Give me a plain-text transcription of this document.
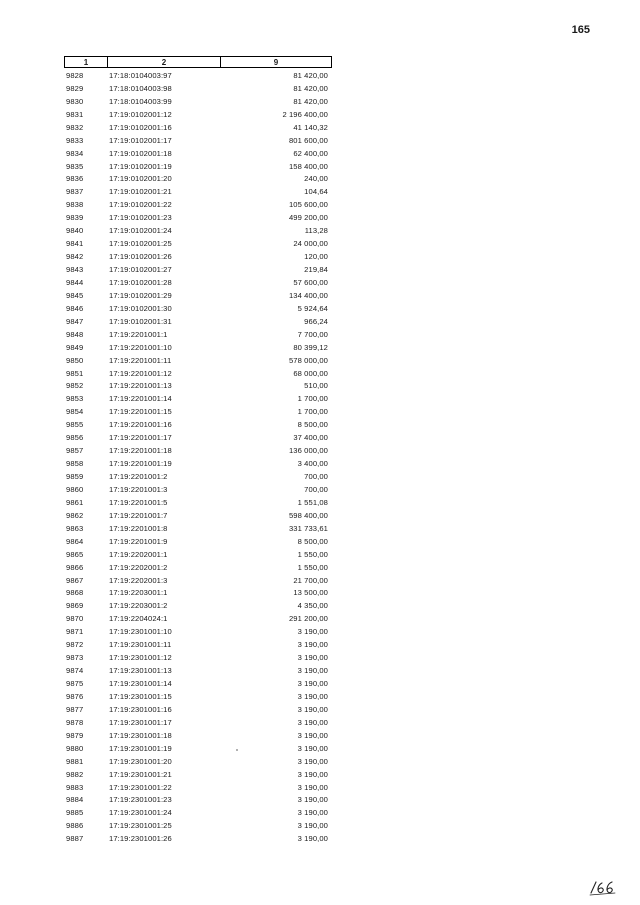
165
1	2	9
9828	17:18:0104003:97	81 420,00
9829	17:18:0104003:98	81 420,00
9830	17:18:0104003:99	81 420,00
9831	17:19:0102001:12	2 196 400,00
9832	17:19:0102001:16	41 140,32
9833	17:19:0102001:17	801 600,00
9834	17:19:0102001:18	62 400,00
9835	17:19:0102001:19	158 400,00
9836	17:19:0102001:20	240,00
9837	17:19:0102001:21	104,64
9838	17:19:0102001:22	105 600,00
9839	17:19:0102001:23	499 200,00
9840	17:19:0102001:24	113,28
9841	17:19:0102001:25	24 000,00
9842	17:19:0102001:26	120,00
9843	17:19:0102001:27	219,84
9844	17:19:0102001:28	57 600,00
9845	17:19:0102001:29	134 400,00
9846	17:19:0102001:30	5 924,64
9847	17:19:0102001:31	966,24
9848	17:19:2201001:1	7 700,00
9849	17:19:2201001:10	80 399,12
9850	17:19:2201001:11	578 000,00
9851	17:19:2201001:12	68 000,00
9852	17:19:2201001:13	510,00
9853	17:19:2201001:14	1 700,00
9854	17:19:2201001:15	1 700,00
9855	17:19:2201001:16	8 500,00
9856	17:19:2201001:17	37 400,00
9857	17:19:2201001:18	136 000,00
9858	17:19:2201001:19	3 400,00
9859	17:19:2201001:2	700,00
9860	17:19:2201001:3	700,00
9861	17:19:2201001:5	1 551,08
9862	17:19:2201001:7	598 400,00
9863	17:19:2201001:8	331 733,61
9864	17:19:2201001:9	8 500,00
9865	17:19:2202001:1	1 550,00
9866	17:19:2202001:2	1 550,00
9867	17:19:2202001:3	21 700,00
9868	17:19:2203001:1	13 500,00
9869	17:19:2203001:2	4 350,00
9870	17:19:2204024:1	291 200,00
9871	17:19:2301001:10	3 190,00
9872	17:19:2301001:11	3 190,00
9873	17:19:2301001:12	3 190,00
9874	17:19:2301001:13	3 190,00
9875	17:19:2301001:14	3 190,00
9876	17:19:2301001:15	3 190,00
9877	17:19:2301001:16	3 190,00
9878	17:19:2301001:17	3 190,00
9879	17:19:2301001:18	3 190,00
9880	17:19:2301001:19	3 190,00
9881	17:19:2301001:20	3 190,00
9882	17:19:2301001:21	3 190,00
9883	17:19:2301001:22	3 190,00
9884	17:19:2301001:23	3 190,00
9885	17:19:2301001:24	3 190,00
9886	17:19:2301001:25	3 190,00
9887	17:19:2301001:26	3 190,00
